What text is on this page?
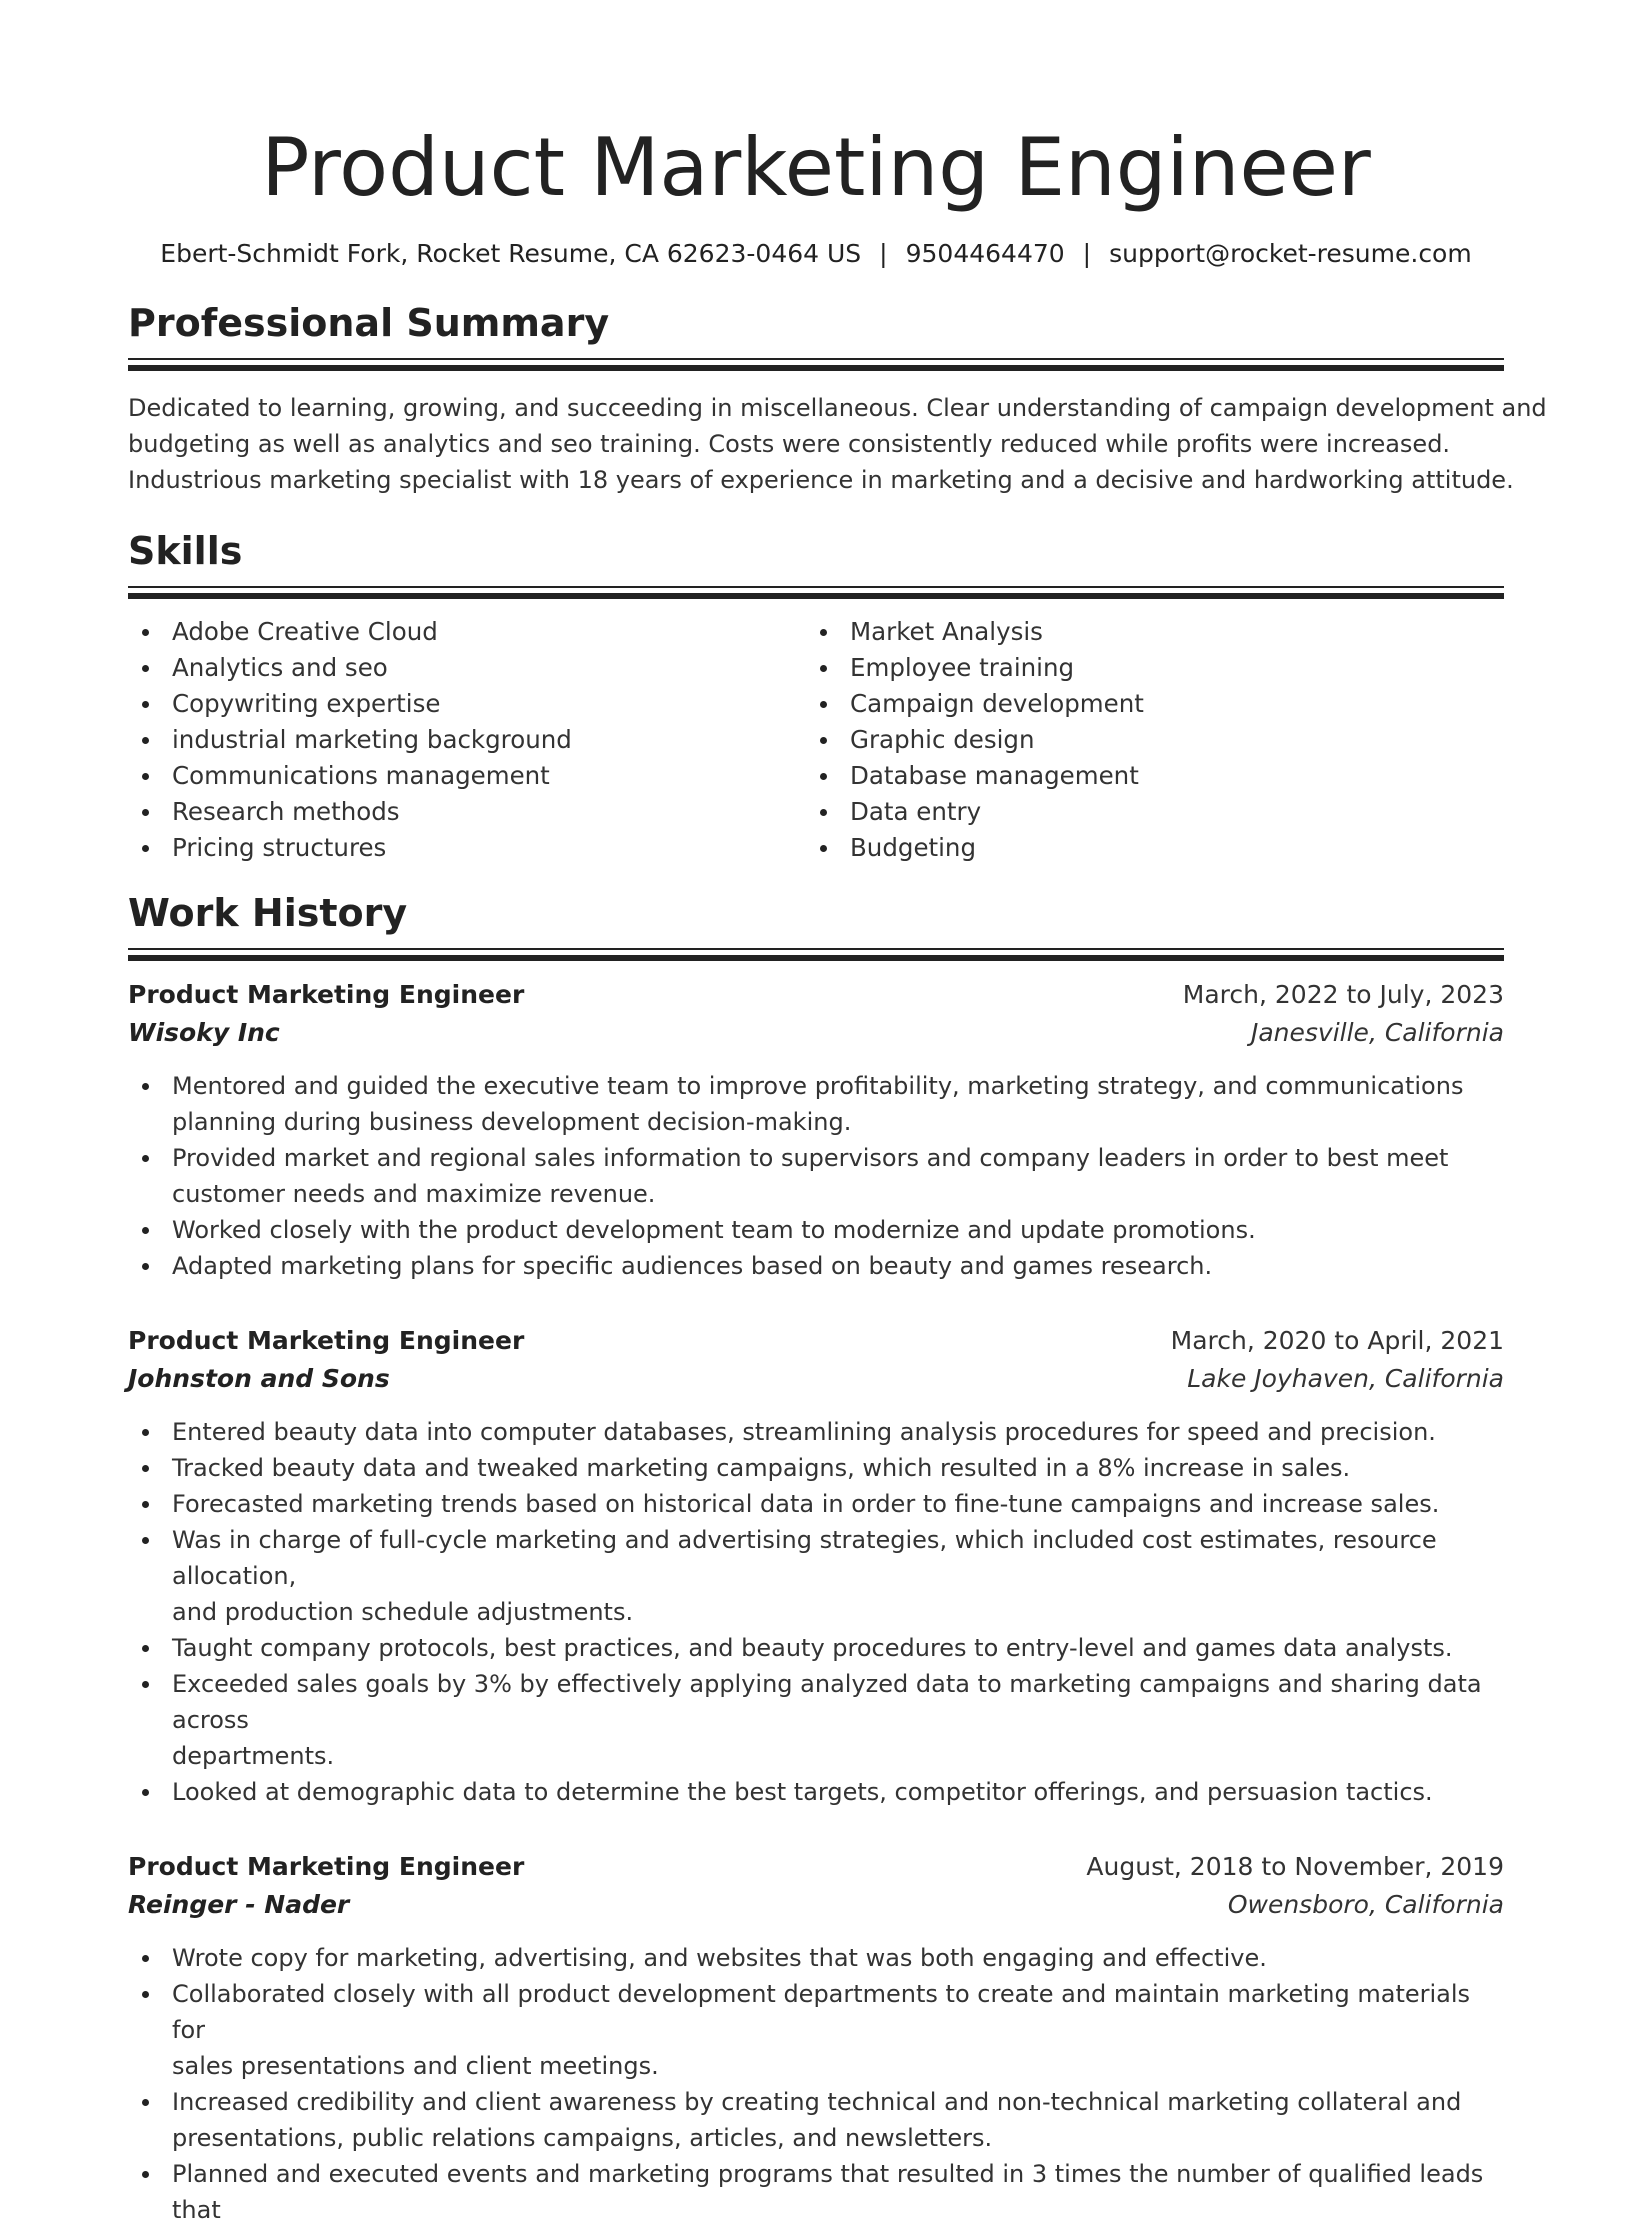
Product Marketing Engineer
Ebert-Schmidt Fork, Rocket Resume, CA 62623-0464 US | 9504464470 | support@rocket-resume.com
Professional Summary
Dedicated to learning, growing, and succeeding in miscellaneous. Clear understanding of campaign development and
budgeting as well as analytics and seo training. Costs were consistently reduced while profits were increased.
Industrious marketing specialist with 18 years of experience in marketing and a decisive and hardworking attitude.
Skills
Adobe Creative Cloud
Analytics and seo
Copywriting expertise
industrial marketing background
Communications management
Research methods
Pricing structures
Market Analysis
Employee training
Campaign development
Graphic design
Database management
Data entry
Budgeting
Work History
Product Marketing Engineer	March, 2022 to July, 2023
Wisoky Inc	Janesville, California
Mentored and guided the executive team to improve profitability, marketing strategy, and communications
planning during business development decision-making.
Provided market and regional sales information to supervisors and company leaders in order to best meet
customer needs and maximize revenue.
Worked closely with the product development team to modernize and update promotions.
Adapted marketing plans for specific audiences based on beauty and games research.
Product Marketing Engineer	March, 2020 to April, 2021
Johnston and Sons	Lake Joyhaven, California
Entered beauty data into computer databases, streamlining analysis procedures for speed and precision.
Tracked beauty data and tweaked marketing campaigns, which resulted in a 8% increase in sales.
Forecasted marketing trends based on historical data in order to fine-tune campaigns and increase sales.
Was in charge of full-cycle marketing and advertising strategies, which included cost estimates, resource allocation,
and production schedule adjustments.
Taught company protocols, best practices, and beauty procedures to entry-level and games data analysts.
Exceeded sales goals by 3% by effectively applying analyzed data to marketing campaigns and sharing data across
departments.
Looked at demographic data to determine the best targets, competitor offerings, and persuasion tactics.
Product Marketing Engineer	August, 2018 to November, 2019
Reinger - Nader	Owensboro, California
Wrote copy for marketing, advertising, and websites that was both engaging and effective.
Collaborated closely with all product development departments to create and maintain marketing materials for
sales presentations and client meetings.
Increased credibility and client awareness by creating technical and non-technical marketing collateral and
presentations, public relations campaigns, articles, and newsletters.
Planned and executed events and marketing programs that resulted in 3 times the number of qualified leads that
